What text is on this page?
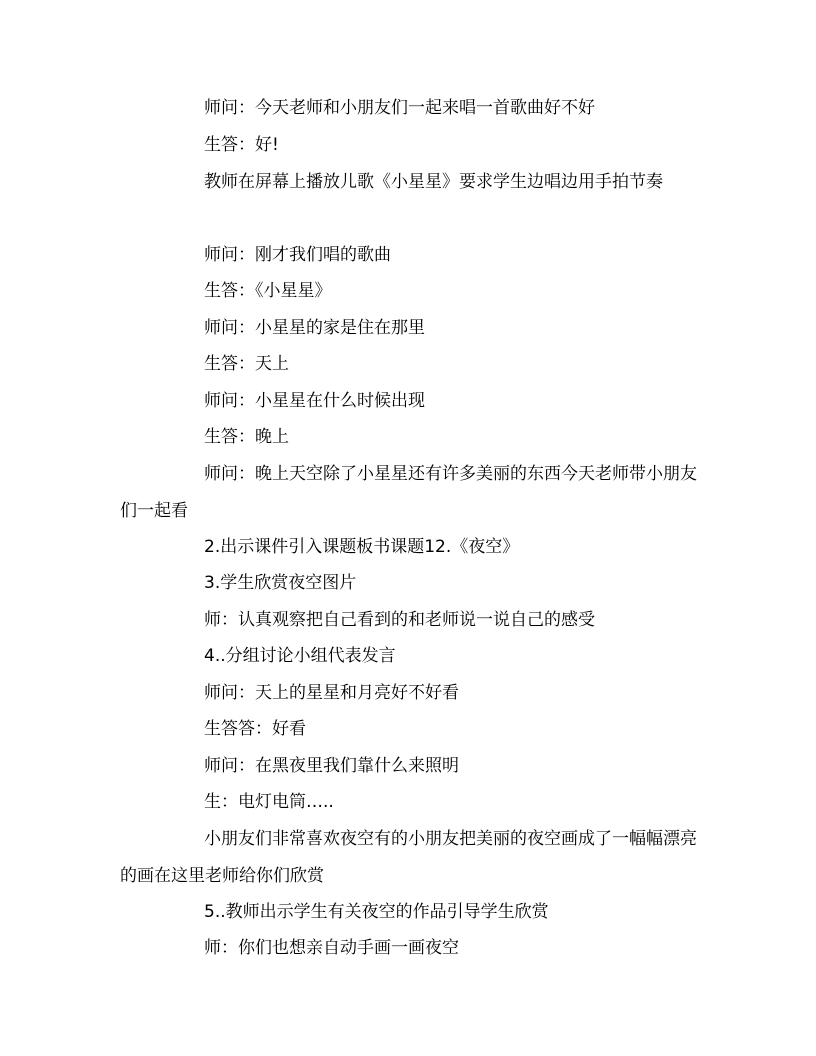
师问：今天老师和小朋友们一起来唱一首歌曲好不好

生答：好!

教师在屏幕上播放儿歌《小星星》要求学生边唱边用手拍节奏

师问：刚才我们唱的歌曲

生答：《小星星》

师问：小星星的家是住在那里

生答：天上

师问：小星星在什么时候出现

生答：晚上

师问：晚上天空除了小星星还有许多美丽的东西今天老师带小朋友们一起看

2.出示课件引入课题板书课题12.《夜空》

3.学生欣赏夜空图片

师：认真观察把自己看到的和老师说一说自己的感受

4..分组讨论小组代表发言

师问：天上的星星和月亮好不好看

生答答：好看

师问：在黑夜里我们靠什么来照明

生：电灯电筒…..

小朋友们非常喜欢夜空有的小朋友把美丽的夜空画成了一幅幅漂亮的画在这里老师给你们欣赏

5..教师出示学生有关夜空的作品引导学生欣赏

师：你们也想亲自动手画一画夜空
